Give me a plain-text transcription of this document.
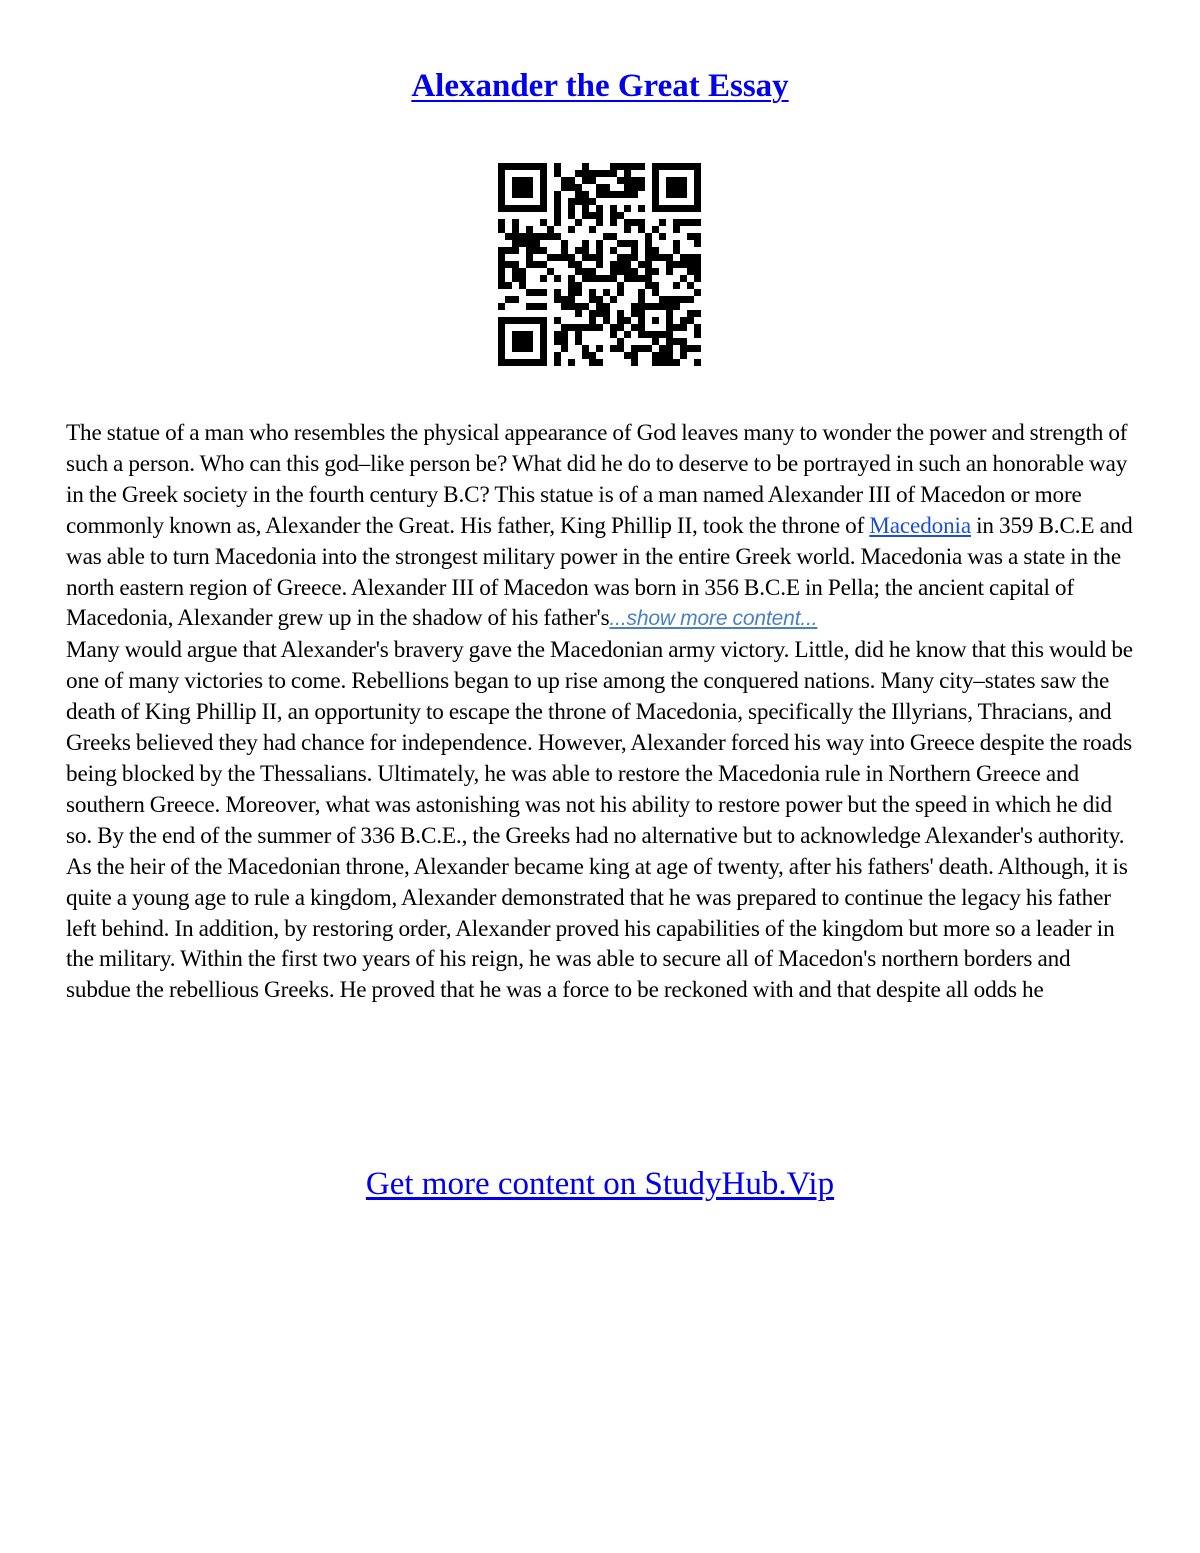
Alexander the Great Essay

The statue of a man who resembles the physical appearance of God leaves many to wonder the power and strength of such a person. Who can this god–like person be? What did he do to deserve to be portrayed in such an honorable way in the Greek society in the fourth century B.C? This statue is of a man named Alexander III of Macedon or more commonly known as, Alexander the Great. His father, King Phillip II, took the throne of Macedonia in 359 B.C.E and was able to turn Macedonia into the strongest military power in the entire Greek world. Macedonia was a state in the north eastern region of Greece. Alexander III of Macedon was born in 356 B.C.E in Pella; the ancient capital of Macedonia, Alexander grew up in the shadow of his father's...show more content...
Many would argue that Alexander's bravery gave the Macedonian army victory. Little, did he know that this would be one of many victories to come. Rebellions began to up rise among the conquered nations. Many city–states saw the death of King Phillip II, an opportunity to escape the throne of Macedonia, specifically the Illyrians, Thracians, and Greeks believed they had chance for independence. However, Alexander forced his way into Greece despite the roads being blocked by the Thessalians. Ultimately, he was able to restore the Macedonia rule in Northern Greece and southern Greece. Moreover, what was astonishing was not his ability to restore power but the speed in which he did so. By the end of the summer of 336 B.C.E., the Greeks had no alternative but to acknowledge Alexander's authority. As the heir of the Macedonian throne, Alexander became king at age of twenty, after his fathers' death. Although, it is quite a young age to rule a kingdom, Alexander demonstrated that he was prepared to continue the legacy his father left behind. In addition, by restoring order, Alexander proved his capabilities of the kingdom but more so a leader in the military. Within the first two years of his reign, he was able to secure all of Macedon's northern borders and subdue the rebellious Greeks. He proved that he was a force to be reckoned with and that despite all odds he

Get more content on StudyHub.Vip
